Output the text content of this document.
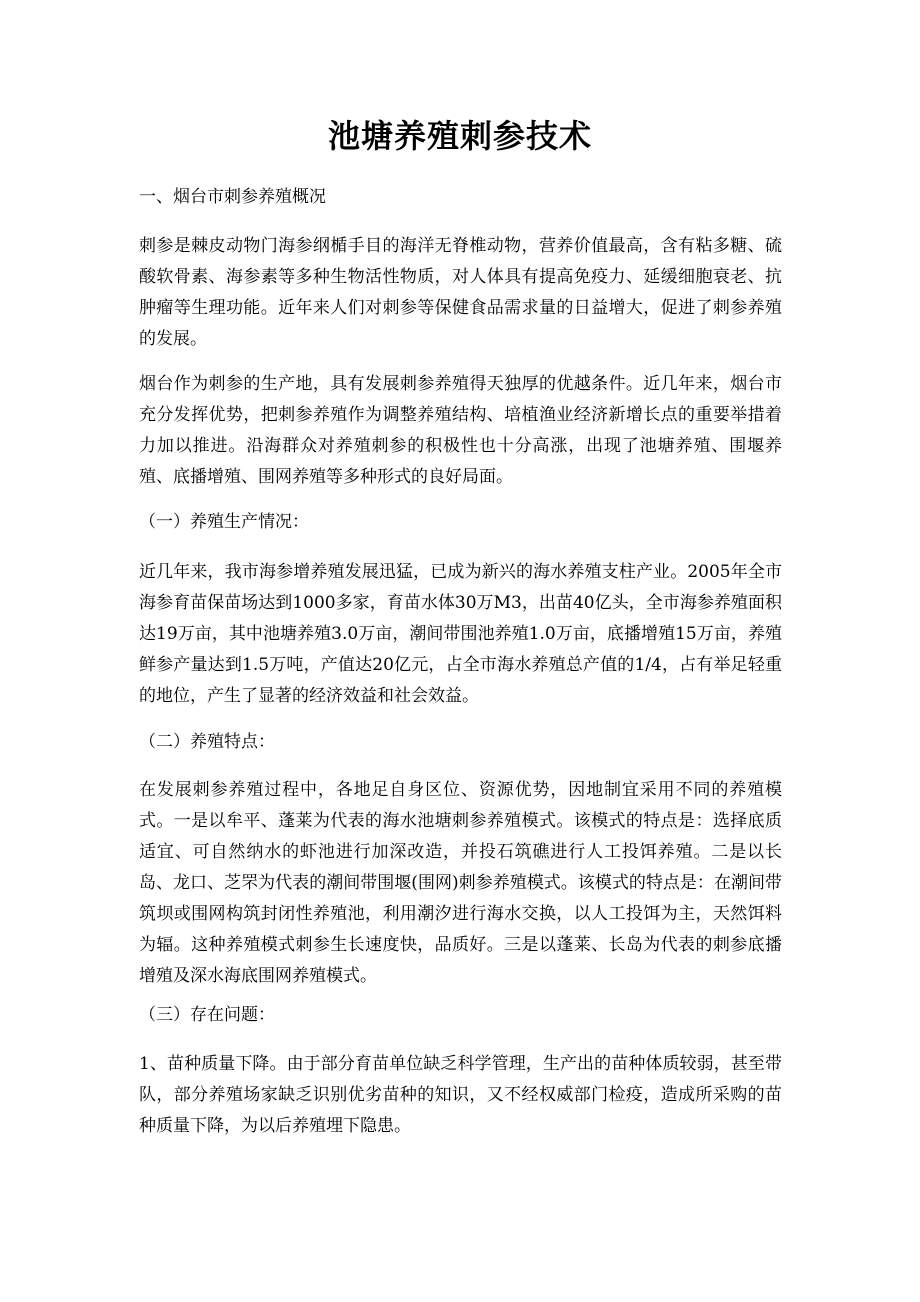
池塘养殖刺参技术

一、烟台市刺参养殖概况

刺参是棘皮动物门海参纲楯手目的海洋无脊椎动物，营养价值最高，含有粘多糖、硫酸软骨素、海参素等多种生物活性物质，对人体具有提高免疫力、延缓细胞衰老、抗肿瘤等生理功能。近年来人们对刺参等保健食品需求量的日益增大，促进了刺参养殖的发展。

烟台作为刺参的生产地，具有发展刺参养殖得天独厚的优越条件。近几年来，烟台市充分发挥优势，把刺参养殖作为调整养殖结构、培植渔业经济新增长点的重要举措着力加以推进。沿海群众对养殖刺参的积极性也十分高涨，出现了池塘养殖、围堰养殖、底播增殖、围网养殖等多种形式的良好局面。

（一）养殖生产情况：

近几年来，我市海参增养殖发展迅猛，已成为新兴的海水养殖支柱产业。2005年全市海参育苗保苗场达到1000多家，育苗水体30万M3，出苗40亿头，全市海参养殖面积达19万亩，其中池塘养殖3.0万亩，潮间带围池养殖1.0万亩，底播增殖15万亩，养殖鲜参产量达到1.5万吨，产值达20亿元，占全市海水养殖总产值的1/4，占有举足轻重的地位，产生了显著的经济效益和社会效益。

（二）养殖特点：

在发展刺参养殖过程中，各地足自身区位、资源优势，因地制宜采用不同的养殖模式。一是以牟平、蓬莱为代表的海水池塘刺参养殖模式。该模式的特点是：选择底质适宜、可自然纳水的虾池进行加深改造，并投石筑礁进行人工投饵养殖。二是以长岛、龙口、芝罘为代表的潮间带围堰(围网)刺参养殖模式。该模式的特点是：在潮间带筑坝或围网构筑封闭性养殖池，利用潮汐进行海水交换，以人工投饵为主，天然饵料为辐。这种养殖模式刺参生长速度快，品质好。三是以蓬莱、长岛为代表的刺参底播增殖及深水海底围网养殖模式。

（三）存在问题：

1、苗种质量下降。由于部分育苗单位缺乏科学管理，生产出的苗种体质较弱，甚至带队，部分养殖场家缺乏识别优劣苗种的知识，又不经权威部门检疫，造成所采购的苗种质量下降，为以后养殖埋下隐患。
